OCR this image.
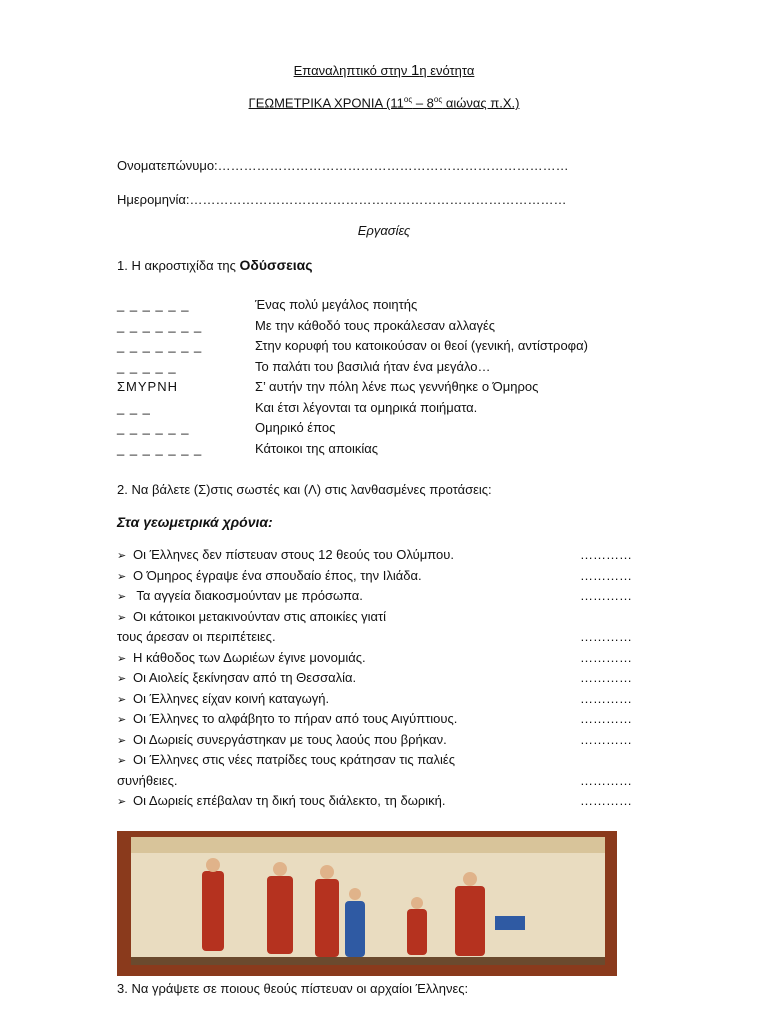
Επαναληπτικό στην 1η ενότητα
ΓΕΩΜΕΤΡΙΚΑ ΧΡΟΝΙΑ ($11^{o\varsigma} - 8^{o\varsigma}$ αιώνας π.Χ.)
Ονοματεπώνυμο:………………………………………………………………………
Ημερομηνία:……………………………………………………………………………
Εργασίες
1. Η ακροστιχίδα της Οδύσσειας
_ _ _ _ _ _	Ένας πολύ μεγάλος ποιητής
_ _ _ _ _ _ _	Με την κάθοδό τους προκάλεσαν αλλαγές
_ _ _ _ _ _ _	Στην κορυφή του κατοικούσαν οι θεοί (γενική, αντίστροφα)
_ _ _ _ _	Το παλάτι του βασιλιά ήταν ένα μεγάλο…
ΣΜΥΡΝΗ	Σ’ αυτήν την πόλη λένε πως γεννήθηκε ο Όμηρος
_ _ _	Και έτσι λέγονται τα ομηρικά ποιήματα.
_ _ _ _ _ _	Ομηρικό έπος
_ _ _ _ _ _ _	Κάτοικοι της αποικίας
2. Να βάλετε (Σ)στις σωστές και (Λ) στις λανθασμένες προτάσεις:
Στα γεωμετρικά χρόνια:
➢ Οι Έλληνες δεν πίστευαν στους 12 θεούς του Ολύμπου.	…………
➢ Ο Όμηρος έγραψε ένα σπουδαίο έπος, την Ιλιάδα.	…………
➢ Τα αγγεία διακοσμούνταν με πρόσωπα.	…………
➢ Οι κάτοικοι μετακινούνταν στις αποικίες γιατί
τους άρεσαν οι περιπέτειες.	…………
➢ Η κάθοδος των Δωριέων έγινε μονομιάς.	…………
➢ Οι Αιολείς ξεκίνησαν από τη Θεσσαλία.	…………
➢ Οι Έλληνες είχαν κοινή καταγωγή.	…………
➢ Οι Έλληνες το αλφάβητο το πήραν από τους Αιγύπτιους.	…………
➢ Οι Δωριείς συνεργάστηκαν με τους λαούς που βρήκαν.	…………
➢ Οι Έλληνες στις νέες πατρίδες τους κράτησαν τις παλιές
συνήθειες.	…………
➢ Οι Δωριείς επέβαλαν τη δική τους διάλεκτο, τη δωρική.	…………
3. Να γράψετε σε ποιους θεούς πίστευαν οι αρχαίοι Έλληνες:
